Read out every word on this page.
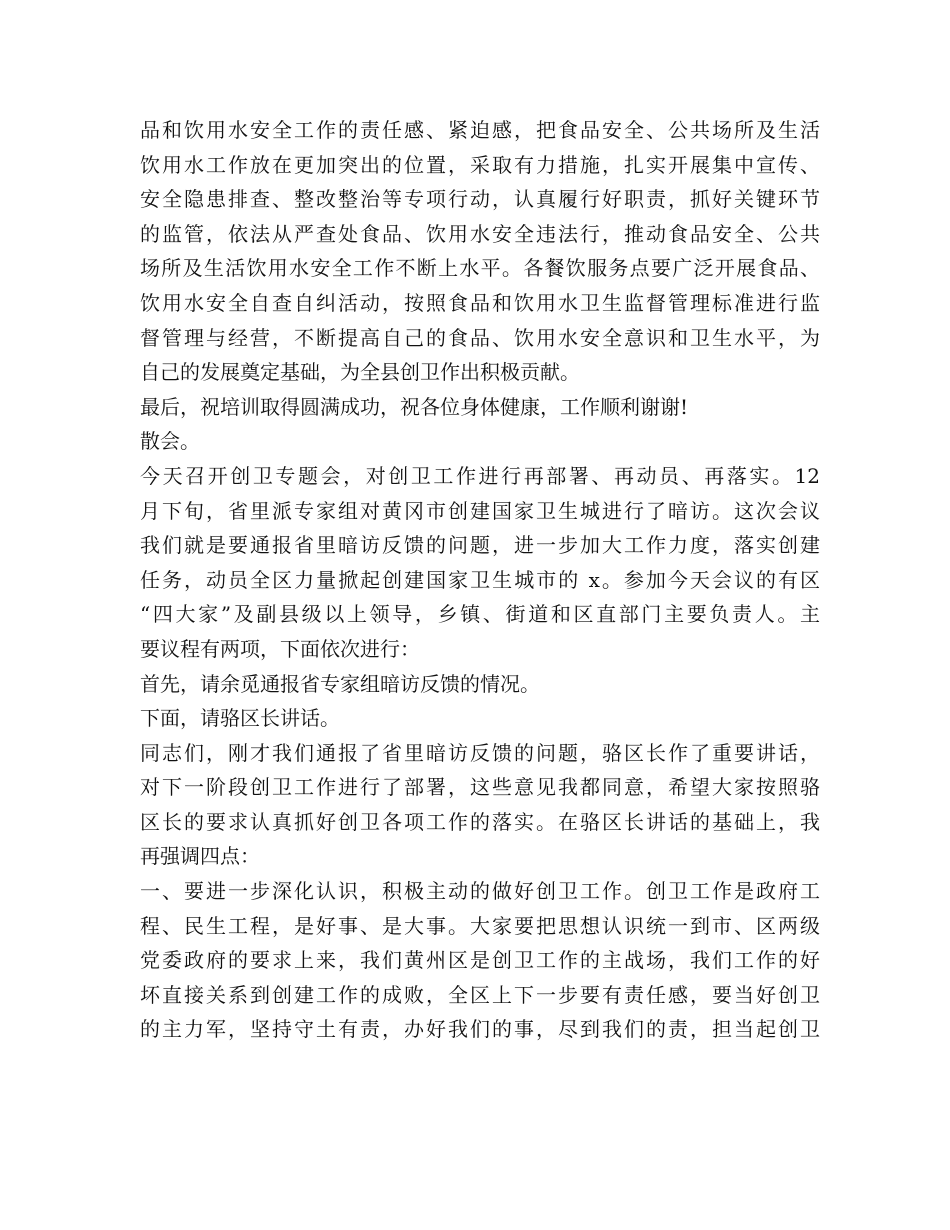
品和饮用水安全工作的责任感、紧迫感，把食品安全、公共场所及生活
饮用水工作放在更加突出的位置，采取有力措施，扎实开展集中宣传、
安全隐患排查、整改整治等专项行动，认真履行好职责，抓好关键环节
的监管，依法从严查处食品、饮用水安全违法行，推动食品安全、公共
场所及生活饮用水安全工作不断上水平。各餐饮服务点要广泛开展食品、
饮用水安全自查自纠活动，按照食品和饮用水卫生监督管理标准进行监
督管理与经营，不断提高自己的食品、饮用水安全意识和卫生水平，为
自己的发展奠定基础，为全县创卫作出积极贡献。
最后，祝培训取得圆满成功，祝各位身体健康，工作顺利谢谢!
散会。
今天召开创卫专题会，对创卫工作进行再部署、再动员、再落实。12
月下旬，省里派专家组对黄冈市创建国家卫生城进行了暗访。这次会议
我们就是要通报省里暗访反馈的问题，进一步加大工作力度，落实创建
任务，动员全区力量掀起创建国家卫生城市的 x。参加今天会议的有区
“四大家”及副县级以上领导，乡镇、街道和区直部门主要负责人。主
要议程有两项，下面依次进行：
首先，请余觅通报省专家组暗访反馈的情况。
下面，请骆区长讲话。
同志们，刚才我们通报了省里暗访反馈的问题，骆区长作了重要讲话，
对下一阶段创卫工作进行了部署，这些意见我都同意，希望大家按照骆
区长的要求认真抓好创卫各项工作的落实。在骆区长讲话的基础上，我
再强调四点：
一、要进一步深化认识，积极主动的做好创卫工作。创卫工作是政府工
程、民生工程，是好事、是大事。大家要把思想认识统一到市、区两级
党委政府的要求上来，我们黄州区是创卫工作的主战场，我们工作的好
坏直接关系到创建工作的成败，全区上下一步要有责任感，要当好创卫
的主力军，坚持守土有责，办好我们的事，尽到我们的责，担当起创卫
